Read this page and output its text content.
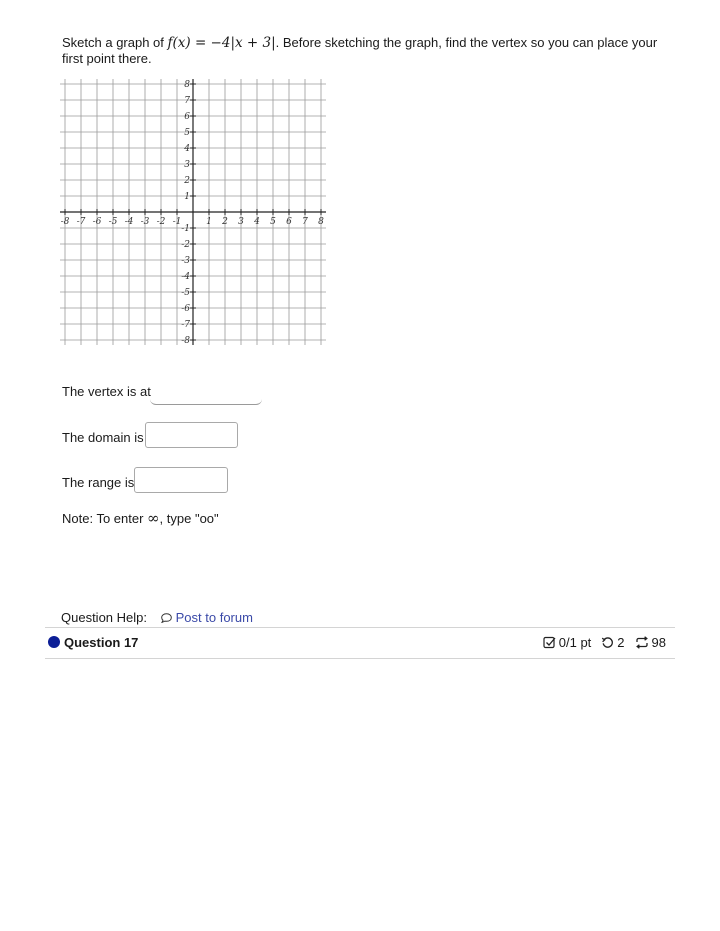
Sketch a graph of f(x) = −4|x + 3|. Before sketching the graph, find the vertex so you can place your first point there.
-8 -7 -6 -5 -4 -3 -2 -1	1 2 3 4 5 6 7 8
8
7
6
5
4
3
2
1
-1
-2
-3
-4
-5
-6
-7
-8
The vertex is at
The domain is
The range is
Note: To enter ∞, type "oo"
Question Help: Post to forum
Question 17	0/1 pt 2 98
